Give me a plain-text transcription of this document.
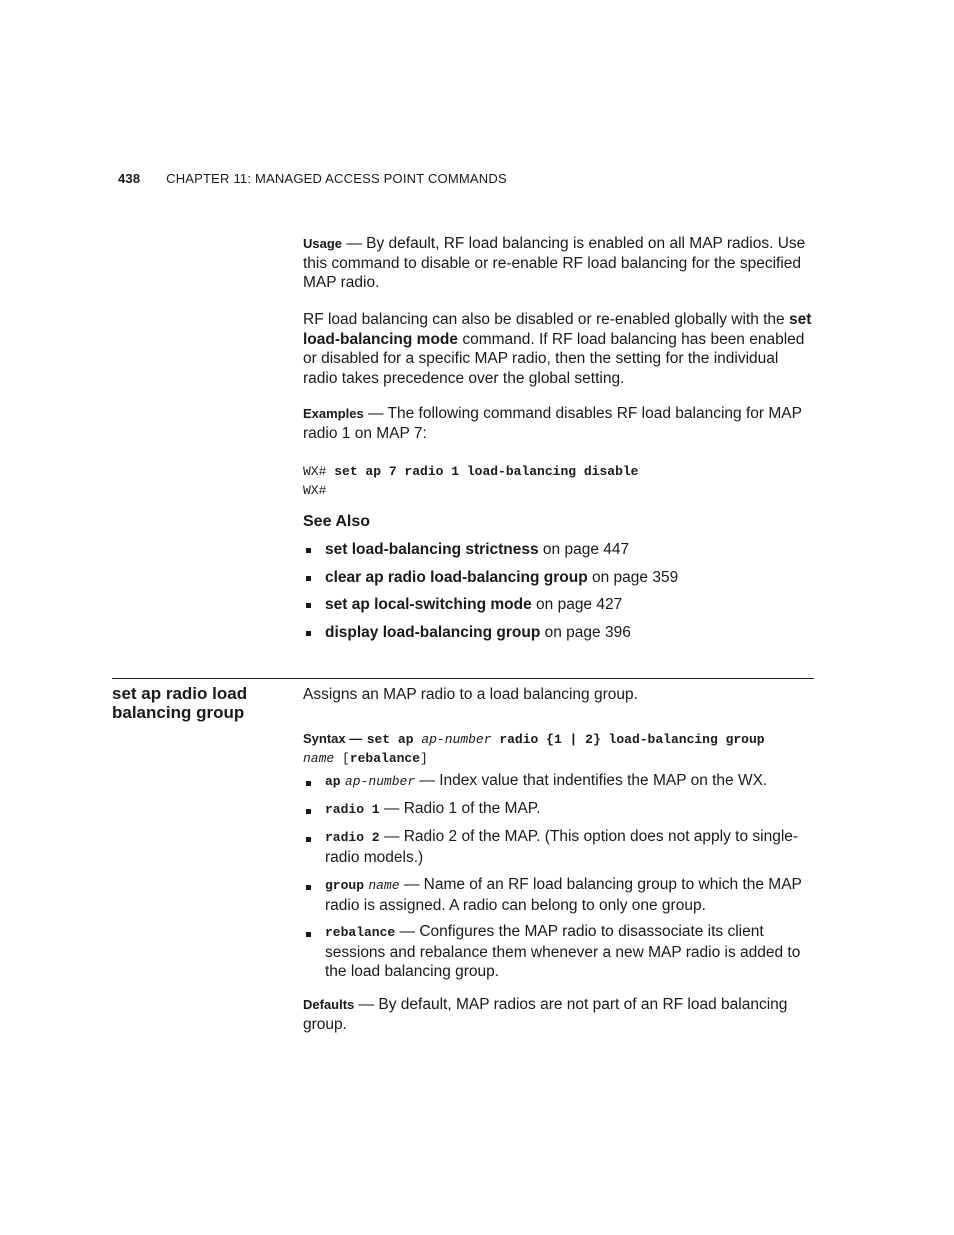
438 CHAPTER 11: MANAGED ACCESS POINT COMMANDS
Usage — By default, RF load balancing is enabled on all MAP radios. Use this command to disable or re-enable RF load balancing for the specified MAP radio.
RF load balancing can also be disabled or re-enabled globally with the set load-balancing mode command. If RF load balancing has been enabled or disabled for a specific MAP radio, then the setting for the individual radio takes precedence over the global setting.
Examples — The following command disables RF load balancing for MAP radio 1 on MAP 7:
WX# set ap 7 radio 1 load-balancing disable
WX#
See Also
set load-balancing strictness on page 447
clear ap radio load-balancing group on page 359
set ap local-switching mode on page 427
display load-balancing group on page 396
set ap radio load balancing group
Assigns an MAP radio to a load balancing group.
Syntax — set ap ap-number radio {1 | 2} load-balancing group
name [rebalance]
ap ap-number — Index value that indentifies the MAP on the WX.
radio 1 — Radio 1 of the MAP.
radio 2 — Radio 2 of the MAP. (This option does not apply to single-radio models.)
group name — Name of an RF load balancing group to which the MAP radio is assigned. A radio can belong to only one group.
rebalance — Configures the MAP radio to disassociate its client sessions and rebalance them whenever a new MAP radio is added to the load balancing group.
Defaults — By default, MAP radios are not part of an RF load balancing group.
